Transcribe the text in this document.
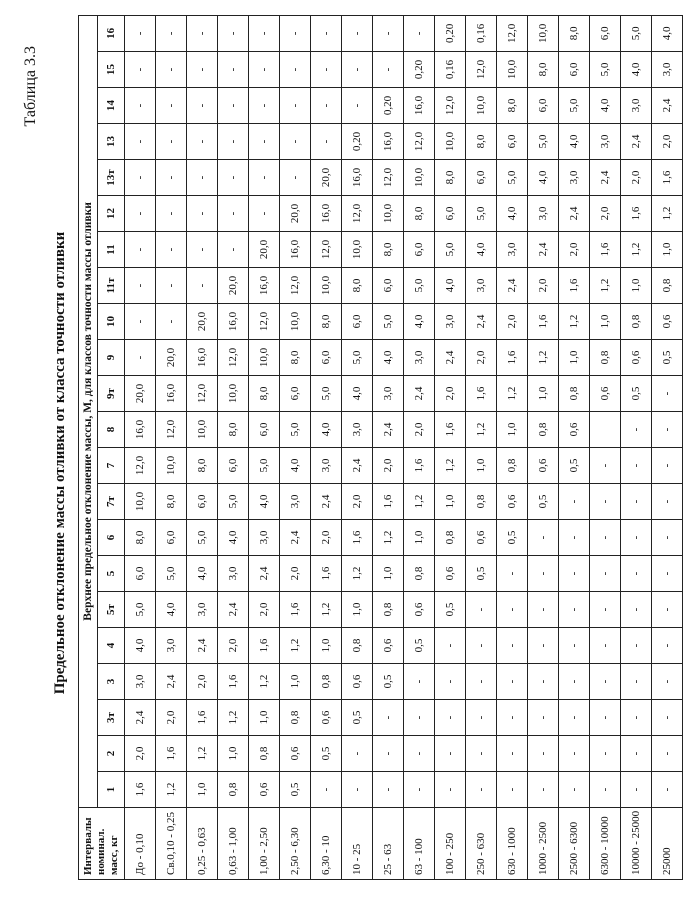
Таблица 3.3
Предельное отклонение массы отливки от класса точности отливки
Интервалы номинал. масс, кг	Верхнее предельное отклонение массы, М, для классов точности массы отливки																					
	1	2	3т	3	4	5т	5	6	7т	7	8	9т	9	10	11т	11	12	13т	13	14	15	16
До - 0,10	1,6	2,0	2,4	3,0	4,0	5,0	6,0	8,0	10,0	12,0	16,0	20,0	-	-	-	-	-	-	-	-	-	-
Св.0,10 - 0,25	1,2	1,6	2,0	2,4	3,0	4,0	5,0	6,0	8,0	10,0	12,0	16,0	20,0	-	-	-	-	-	-	-	-	-
0,25 - 0,63	1,0	1,2	1,6	2,0	2,4	3,0	4,0	5,0	6,0	8,0	10,0	12,0	16,0	20,0	-	-	-	-	-	-	-	-
0,63 - 1,00	0,8	1,0	1,2	1,6	2,0	2,4	3,0	4,0	5,0	6,0	8,0	10,0	12,0	16,0	20,0	-	-	-	-	-	-	-
1,00 - 2,50	0,6	0,8	1,0	1,2	1,6	2,0	2,4	3,0	4,0	5,0	6,0	8,0	10,0	12,0	16,0	20,0	-	-	-	-	-	-
2,50 - 6,30	0,5	0,6	0,8	1,0	1,2	1,6	2,0	2,4	3,0	4,0	5,0	6,0	8,0	10,0	12,0	16,0	20,0	-	-	-	-	-
6,30 - 10	-	0,5	0,6	0,8	1,0	1,2	1,6	2,0	2,4	3,0	4,0	5,0	6,0	8,0	10,0	12,0	16,0	20,0	-	-	-	-
10 - 25	-	-	0,5	0,6	0,8	1,0	1,2	1,6	2,0	2,4	3,0	4,0	5,0	6,0	8,0	10,0	12,0	16,0	0,20	-	-	-
25 - 63	-	-	-	0,5	0,6	0,8	1,0	1,2	1,6	2,0	2,4	3,0	4,0	5,0	6,0	8,0	10,0	12,0	16,0	0,20	-	-
63 - 100	-	-	-	-	0,5	0,6	0,8	1,0	1,2	1,6	2,0	2,4	3,0	4,0	5,0	6,0	8,0	10,0	12,0	16,0	0,20	-
100 - 250	-	-	-	-	-	0,5	0,6	0,8	1,0	1,2	1,6	2,0	2,4	3,0	4,0	5,0	6,0	8,0	10,0	12,0	0,16	0,20
250 - 630	-	-	-	-	-	-	0,5	0,6	0,8	1,0	1,2	1,6	2,0	2,4	3,0	4,0	5,0	6,0	8,0	10,0	12,0	0,16
630 - 1000	-	-	-	-	-	-	-	0,5	0,6	0,8	1,0	1,2	1,6	2,0	2,4	3,0	4,0	5,0	6,0	8,0	10,0	12,0
1000 - 2500	-	-	-	-	-	-	-	-	0,5	0,6	0,8	1,0	1,2	1,6	2,0	2,4	3,0	4,0	5,0	6,0	8,0	10,0
2500 - 6300	-	-	-	-	-	-	-	-	-	0,5	0,6	0,8	1,0	1,2	1,6	2,0	2,4	3,0	4,0	5,0	6,0	8,0
6300 - 10000	-	-	-	-	-	-	-	-	-	-		0,6	0,8	1,0	1,2	1,6	2,0	2,4	3,0	4,0	5,0	6,0
10000 - 25000	-	-	-	-	-	-	-	-	-	-	-	0,5	0,6	0,8	1,0	1,2	1,6	2,0	2,4	3,0	4,0	5,0
25000	-	-	-	-	-	-	-	-	-	-	-	-	0,5	0,6	0,8	1,0	1,2	1,6	2,0	2,4	3,0	4,0
